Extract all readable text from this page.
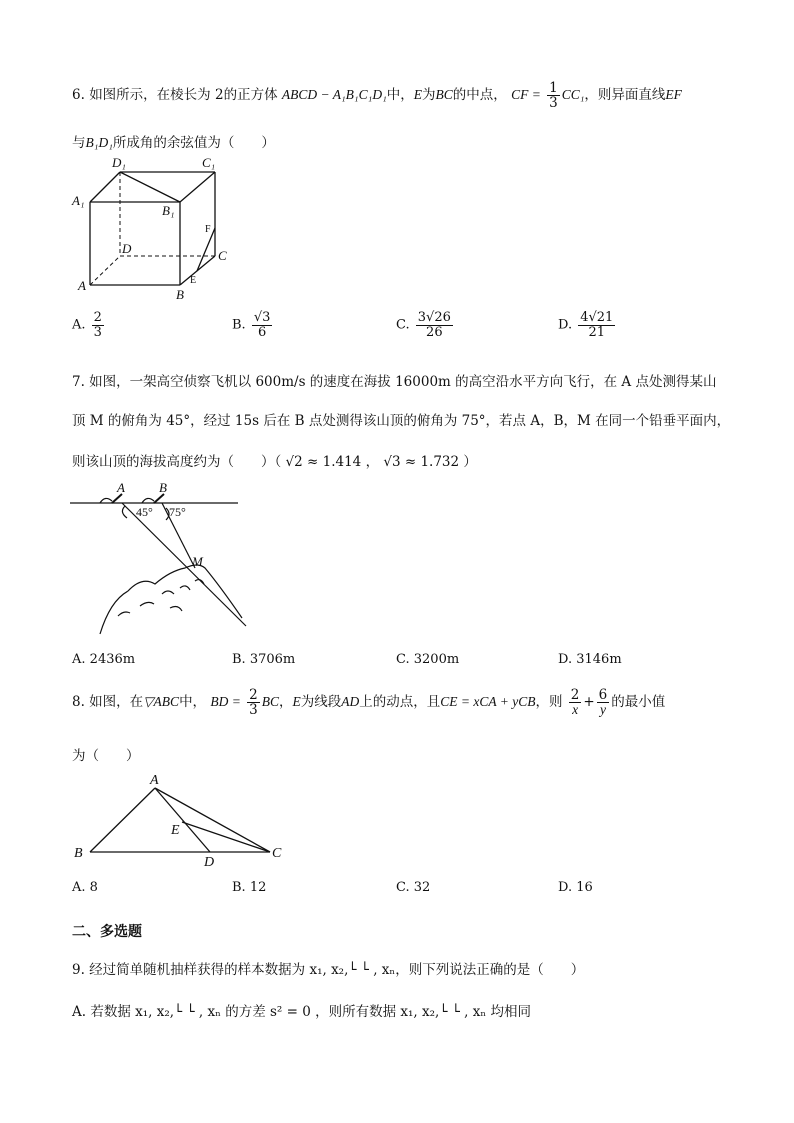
6. 如图所示，在棱长为 2的正方体 ABCD − A₁B₁C₁D₁中，E为BC的中点， CF = $\frac{1}{3} CC_1$，则异面直线EF
与B₁D₁所成角的余弦值为（　　）
D₁	C₁
A₁
B₁
D	C
A
B
E
F
A. $\frac{2}{3}$	B. $\frac{√3}{6}$	C. $\frac{3√26}{26}$	D. $\frac{4√21}{21}$
7. 如图，一架高空侦察飞机以 600m/s 的速度在海拔 16000m 的高空沿水平方向飞行，在 A 点处测得某山
顶 M 的俯角为 45°，经过 15s 后在 B 点处测得该山顶的俯角为 75°，若点 A，B，M 在同一个铅垂平面内，
则该山顶的海拔高度约为（　　）（ √2 ≈ 1.414 ， √3 ≈ 1.732 ）
A	B
M
45° 75°
A. 2436m	B. 3706m	C. 3200m	D. 3146m
8. 如图，在▽ABC中， BD = $\frac{2}{3}$ BC，E为线段AD上的动点，且CE = xCA + yCB，则 $\frac{2}{x} + \frac{6}{y}$ 的最小值
为（　　）
A
E
B
D
C
A. 8	B. 12	C. 32	D. 16
二、多选题
9. 经过简单随机抽样获得的样本数据为 x₁, x₂,└ └ , xₙ，则下列说法正确的是（　　）
A. 若数据 x₁, x₂,└ └ , xₙ 的方差 s² = 0 ，则所有数据 x₁, x₂,└ └ , xₙ 均相同
